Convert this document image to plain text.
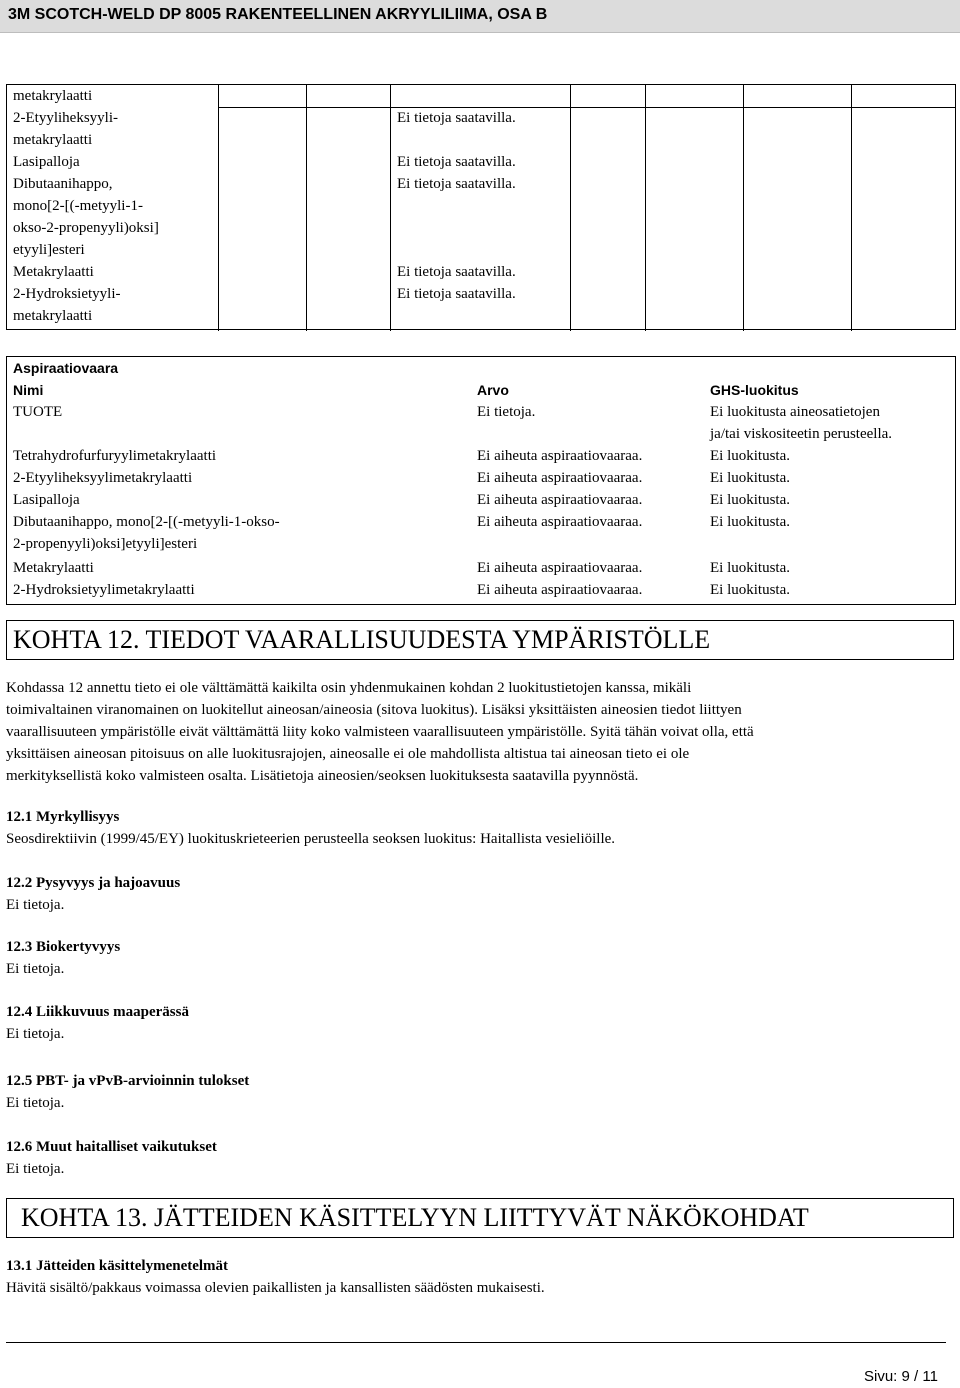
3M SCOTCH-WELD DP 8005 RAKENTEELLINEN AKRYYLILIIMA, OSA B
metakrylaatti
2-Etyyliheksyyli-	Ei tietoja saatavilla.
metakrylaatti
Lasipalloja	Ei tietoja saatavilla.
Dibutaanihappo,	Ei tietoja saatavilla.
mono[2-[(-metyyli-1-
okso-2-propenyyli)oksi]
etyyli]esteri
Metakrylaatti	Ei tietoja saatavilla.
2-Hydroksietyyli-	Ei tietoja saatavilla.
metakrylaatti
Aspiraatiovaara
Nimi	Arvo	GHS-luokitus
TUOTE	Ei tietoja.	Ei luokitusta aineosatietojen
ja/tai viskositeetin perusteella.
Tetrahydrofurfuryylimetakrylaatti	Ei aiheuta aspiraatiovaaraa.	Ei luokitusta.
2-Etyyliheksyylimetakrylaatti	Ei aiheuta aspiraatiovaaraa.	Ei luokitusta.
Lasipalloja	Ei aiheuta aspiraatiovaaraa.	Ei luokitusta.
Dibutaanihappo, mono[2-[(-metyyli-1-okso-
2-propenyyli)oksi]etyyli]esteri
Ei aiheuta aspiraatiovaaraa.	Ei luokitusta.
Metakrylaatti	Ei aiheuta aspiraatiovaaraa.	Ei luokitusta.
2-Hydroksietyylimetakrylaatti	Ei aiheuta aspiraatiovaaraa.	Ei luokitusta.
KOHTA 12. TIEDOT VAARALLISUUDESTA YMPÄRISTÖLLE
Kohdassa 12 annettu tieto ei ole välttämättä kaikilta osin yhdenmukainen kohdan 2 luokitustietojen kanssa, mikäli
toimivaltainen viranomainen on luokitellut aineosan/aineosia (sitova luokitus). Lisäksi yksittäisten aineosien tiedot liittyen
vaarallisuuteen ympäristölle eivät välttämättä liity koko valmisteen vaarallisuuteen ympäristölle. Syitä tähän voivat olla, että
yksittäisen aineosan pitoisuus on alle luokitusrajojen, aineosalle ei ole mahdollista altistua tai aineosan tieto ei ole
merkityksellistä koko valmisteen osalta. Lisätietoja aineosien/seoksen luokituksesta saatavilla pyynnöstä.
12.1 Myrkyllisyys
Seosdirektiivin (1999/45/EY) luokituskrieteerien perusteella seoksen luokitus: Haitallista vesieliöille.
12.2 Pysyvyys ja hajoavuus
Ei tietoja.
12.3 Biokertyvyys
Ei tietoja.
12.4 Liikkuvuus maaperässä
Ei tietoja.
12.5 PBT- ja vPvB-arvioinnin tulokset
Ei tietoja.
12.6 Muut haitalliset vaikutukset
Ei tietoja.
KOHTA 13. JÄTTEIDEN KÄSITTELYYN LIITTYVÄT NÄKÖKOHDAT
13.1 Jätteiden käsittelymenetelmät
Hävitä sisältö/pakkaus voimassa olevien paikallisten ja kansallisten säädösten mukaisesti.
Sivu: 9 / 11
